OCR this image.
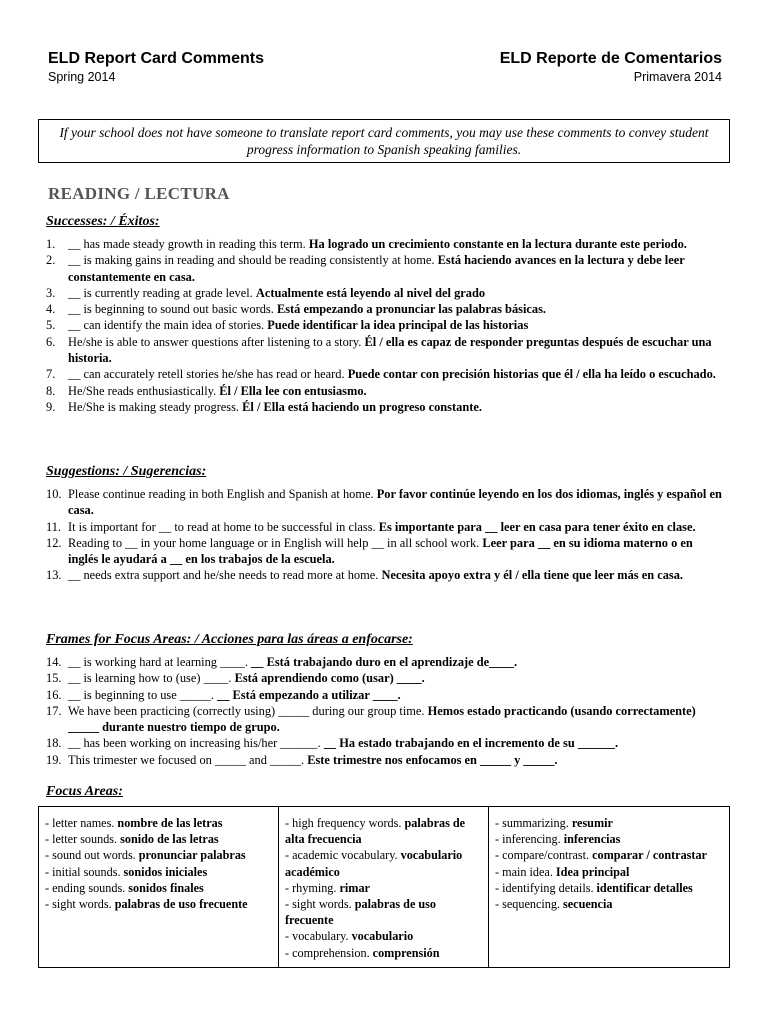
ELD Report Card Comments
Spring 2014
ELD Reporte de Comentarios
Primavera 2014
If your school does not have someone to translate report card comments, you may use these comments to convey student progress information to Spanish speaking families.
READING / LECTURA
Successes: / Éxitos:
1. __ has made steady growth in reading this term. Ha logrado un crecimiento constante en la lectura durante este periodo.
2. __ is making gains in reading and should be reading consistently at home. Está haciendo avances en la lectura y debe leer constantemente en casa.
3. __ is currently reading at grade level. Actualmente está leyendo al nivel del grado
4. __ is beginning to sound out basic words. Está empezando a pronunciar las palabras básicas.
5. __ can identify the main idea of stories. Puede identificar la idea principal de las historias
6. He/she is able to answer questions after listening to a story. Él / ella es capaz de responder preguntas después de escuchar una historia.
7. __ can accurately retell stories he/she has read or heard. Puede contar con precisión historias que él / ella ha leído o escuchado.
8. He/She reads enthusiastically. Él / Ella lee con entusiasmo.
9. He/She is making steady progress. Él / Ella está haciendo un progreso constante.
Suggestions: / Sugerencias:
10. Please continue reading in both English and Spanish at home. Por favor continúe leyendo en los dos idiomas, inglés y español en casa.
11. It is important for __ to read at home to be successful in class. Es importante para __ leer en casa para tener éxito en clase.
12. Reading to __ in your home language or in English will help __ in all school work. Leer para __ en su idioma materno o en inglés le ayudará a __ en los trabajos de la escuela.
13. __ needs extra support and he/she needs to read more at home. Necesita apoyo extra y él / ella tiene que leer más en casa.
Frames for Focus Areas: / Acciones para las áreas a enfocarse:
14. __ is working hard at learning ____. __ Está trabajando duro en el aprendizaje de____.
15. __ is learning how to (use) ____. Está aprendiendo como (usar) ____.
16. __ is beginning to use _____. __ Está empezando a utilizar ____.
17. We have been practicing (correctly using) _____ during our group time. Hemos estado practicando (usando correctamente) _____ durante nuestro tiempo de grupo.
18. __ has been working on increasing his/her ______. __ Ha estado trabajando en el incremento de su ______.
19. This trimester we focused on _____ and _____. Este trimestre nos enfocamos en _____ y _____.
Focus Areas:
- letter names. nombre de las letras
- letter sounds. sonido de las letras
- sound out words. pronunciar palabras
- initial sounds. sonidos iniciales
- ending sounds. sonidos finales
- sight words. palabras de uso frecuente
- high frequency words. palabras de alta frecuencia
- academic vocabulary. vocabulario académico
- rhyming. rimar
- sight words. palabras de uso frecuente
- vocabulary. vocabulario
- comprehension. comprensión
- summarizing. resumir
- inferencing. inferencias
- compare/contrast. comparar / contrastar
- main idea. Idea principal
- identifying details. identificar detalles
- sequencing. secuencia
